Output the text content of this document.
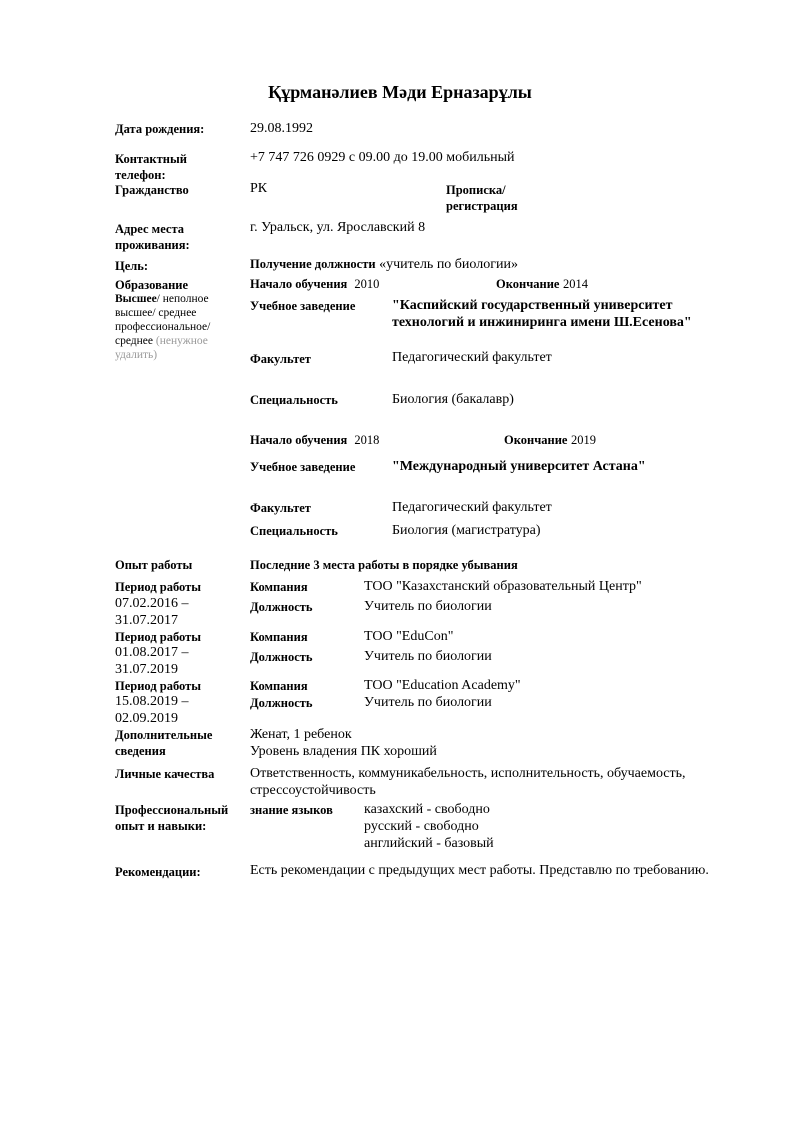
Құрманәлиев Мәди Ерназарұлы
Дата рождения:	29.08.1992
Контактный
телефон:
+7 747 726 0929 с 09.00 до 19.00 мобильный
Гражданство	РК	Прописка/
регистрация
Адрес места
проживания:
г. Уральск, ул. Ярославский 8
Цель:	Получение должности «учитель по биологии»
Образование
Высшее/ неполное
высшее/ среднее
профессиональное/
среднее (ненужное
удалить)
Начало обучения 2010	Окончание 2014
Учебное заведение	"Каспийский государственный университет
технологий и инжиниринга имени Ш.Есенова"
Факультет	Педагогический факультет
Специальность	Биология (бакалавр)
Начало обучения 2018	Окончание 2019
Учебное заведение	"Международный университет Астана"
Факультет	Педагогический факультет
Специальность	Биология (магистратура)
Опыт работы	Последние 3 места работы в порядке убывания
Период работы
07.02.2016 –
31.07.2017
Компания	ТОО "Казахстанский образовательный Центр"
Должность	Учитель по биологии
Период работы
01.08.2017 –
31.07.2019
Компания	ТОО "EduCon"
Должность	Учитель по биологии
Период работы
15.08.2019 –
02.09.2019
Компания	ТОО "Education Academy"
Должность	Учитель по биологии
Дополнительные
сведения
Женат, 1 ребенок
Уровень владения ПК хороший
Личные качества	Ответственность, коммуникабельность, исполнительность, обучаемость,
стрессоустойчивость
Профессиональный
опыт и навыки:
знание языков казахский - свободно
русский - свободно
английский - базовый
Рекомендации:	Есть рекомендации с предыдущих мест работы. Представлю по требованию.
